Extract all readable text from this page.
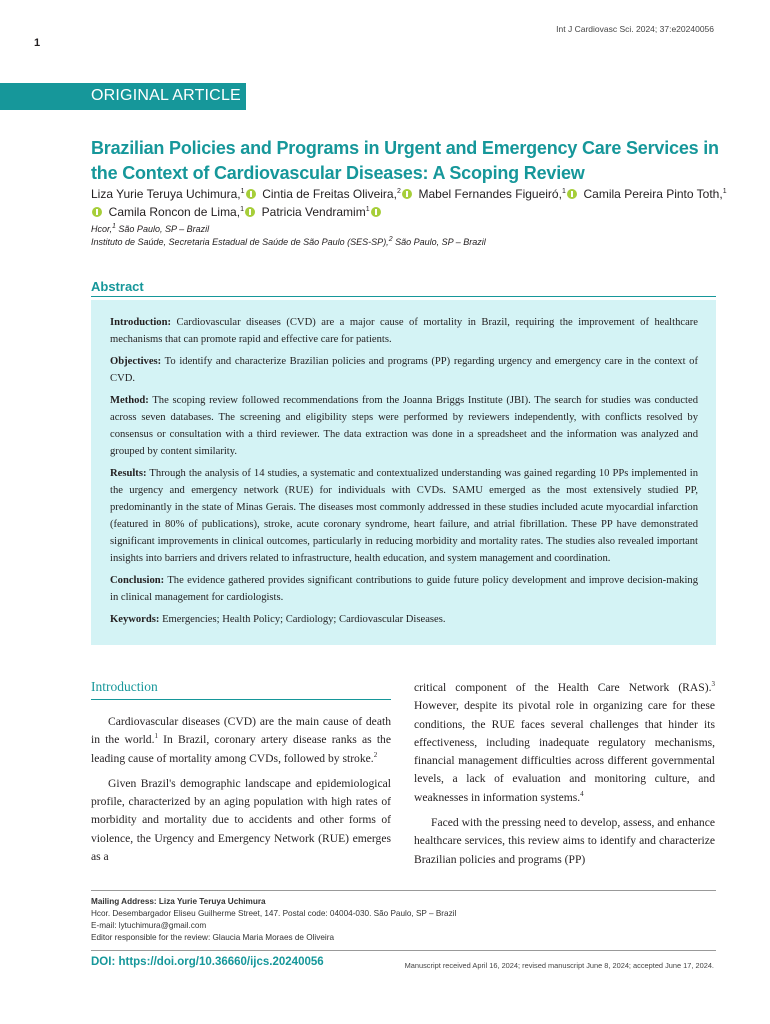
1
Int J Cardiovasc Sci. 2024; 37:e20240056
ORIGINAL ARTICLE
Brazilian Policies and Programs in Urgent and Emergency Care Services in the Context of Cardiovascular Diseases: A Scoping Review
Liza Yurie Teruya Uchimura,$^1$ Cintia de Freitas Oliveira,$^2$ Mabel Fernandes Figueiró,$^1$ Camila Pereira Pinto Toth,$^1$  Camila Roncon de Lima,$^1$ Patricia Vendramim$^1$
Hcor,$^1$ São Paulo, SP – Brazil
Instituto de Saúde, Secretaria Estadual de Saúde de São Paulo (SES-SP),$^2$ São Paulo, SP – Brazil
Abstract

Introduction: Cardiovascular diseases (CVD) are a major cause of mortality in Brazil, requiring the improvement of healthcare mechanisms that can promote rapid and effective care for patients.

Objectives: To identify and characterize Brazilian policies and programs (PP) regarding urgency and emergency care in the context of CVD.

Method: The scoping review followed recommendations from the Joanna Briggs Institute (JBI). The search for studies was conducted across seven databases. The screening and eligibility steps were performed by reviewers independently, with conflicts resolved by consensus or consultation with a third reviewer. The data extraction was done in a spreadsheet and the information was analyzed and grouped by content similarity.

Results: Through the analysis of 14 studies, a systematic and contextualized understanding was gained regarding 10 PPs implemented in the urgency and emergency network (RUE) for individuals with CVDs. SAMU emerged as the most extensively studied PP, predominantly in the state of Minas Gerais. The diseases most commonly addressed in these studies included acute myocardial infarction (featured in 80% of publications), stroke, acute coronary syndrome, heart failure, and atrial fibrillation. These PP have demonstrated significant improvements in clinical outcomes, particularly in reducing morbidity and mortality rates. The studies also revealed important insights into barriers and drivers related to infrastructure, health education, and system management and coordination.

Conclusion: The evidence gathered provides significant contributions to guide future policy development and improve decision-making in clinical management for cardiologists.

Keywords: Emergencies; Health Policy; Cardiology; Cardiovascular Diseases.

Introduction

Cardiovascular diseases (CVD) are the main cause of death in the world.$^1$ In Brazil, coronary artery disease ranks as the leading cause of mortality among CVDs, followed by stroke.$^2$

Given Brazil's demographic landscape and epidemiological profile, characterized by an aging population with high rates of morbidity and mortality due to accidents and other forms of violence, the Urgency and Emergency Network (RUE) emerges as a

critical component of the Health Care Network (RAS).$^3$ However, despite its pivotal role in organizing care for these conditions, the RUE faces several challenges that hinder its effectiveness, including inadequate regulatory mechanisms, financial management difficulties across different governmental levels, a lack of evaluation and monitoring culture, and weaknesses in information systems.$^4$

Faced with the pressing need to develop, assess, and enhance healthcare services, this review aims to identify and characterize Brazilian policies and programs (PP)

Mailing Address: Liza Yurie Teruya Uchimura
Hcor. Desembargador Eliseu Guilherme Street, 147. Postal code: 04004-030. São Paulo, SP – Brazil
E-mail: lytuchimura@gmail.com
Editor responsible for the review: Glaucia Maria Moraes de Oliveira
DOI: https://doi.org/10.36660/ijcs.20240056	Manuscript received April 16, 2024; revised manuscript June 8, 2024; accepted June 17, 2024.
